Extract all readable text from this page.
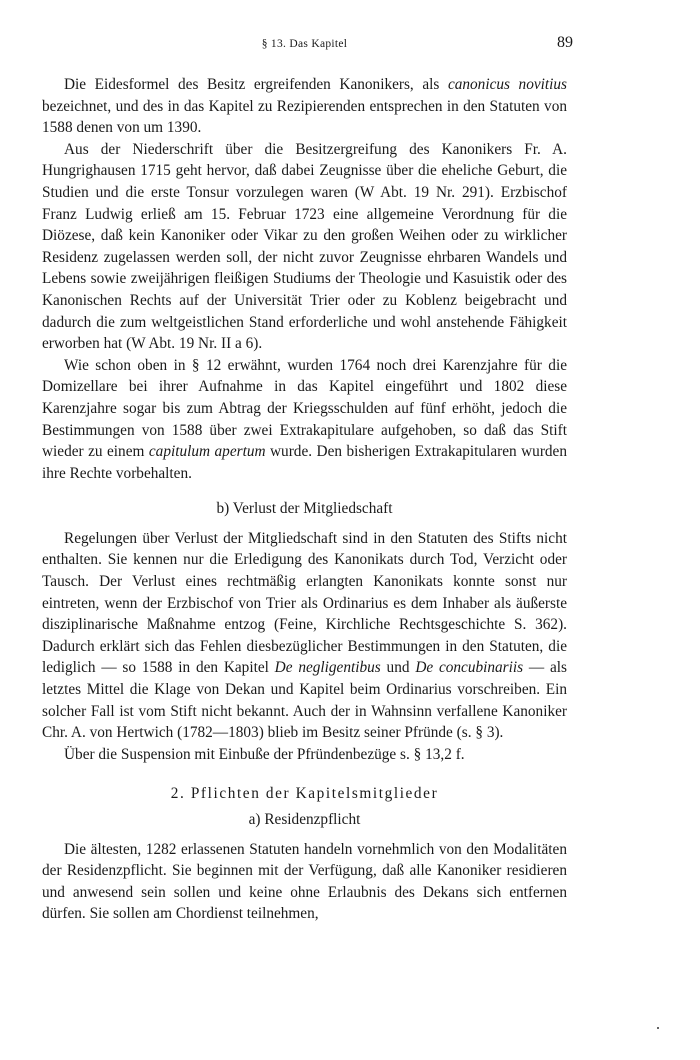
§ 13. Das Kapitel	89

Die Eidesformel des Besitz ergreifenden Kanonikers, als canonicus novitius bezeichnet, und des in das Kapitel zu Rezipierenden entsprechen in den Statuten von 1588 denen von um 1390.

Aus der Niederschrift über die Besitzergreifung des Kanonikers Fr. A. Hungrighausen 1715 geht hervor, daß dabei Zeugnisse über die eheliche Geburt, die Studien und die erste Tonsur vorzulegen waren (W Abt. 19 Nr. 291). Erzbischof Franz Ludwig erließ am 15. Februar 1723 eine allgemeine Verordnung für die Diözese, daß kein Kanoniker oder Vikar zu den großen Weihen oder zu wirklicher Residenz zugelassen werden soll, der nicht zuvor Zeugnisse ehrbaren Wandels und Lebens sowie zweijährigen fleißigen Studiums der Theologie und Kasuistik oder des Kanonischen Rechts auf der Universität Trier oder zu Koblenz beigebracht und dadurch die zum weltgeistlichen Stand erforderliche und wohl anstehende Fähigkeit erworben hat (W Abt. 19 Nr. II a 6).

Wie schon oben in § 12 erwähnt, wurden 1764 noch drei Karenzjahre für die Domizellare bei ihrer Aufnahme in das Kapitel eingeführt und 1802 diese Karenzjahre sogar bis zum Abtrag der Kriegsschulden auf fünf erhöht, jedoch die Bestimmungen von 1588 über zwei Extrakapitulare aufgehoben, so daß das Stift wieder zu einem capitulum apertum wurde. Den bisherigen Extrakapitularen wurden ihre Rechte vorbehalten.

b) Verlust der Mitgliedschaft

Regelungen über Verlust der Mitgliedschaft sind in den Statuten des Stifts nicht enthalten. Sie kennen nur die Erledigung des Kanonikats durch Tod, Verzicht oder Tausch. Der Verlust eines rechtmäßig erlangten Kanonikats konnte sonst nur eintreten, wenn der Erzbischof von Trier als Ordinarius es dem Inhaber als äußerste disziplinarische Maßnahme entzog (Feine, Kirchliche Rechtsgeschichte S. 362). Dadurch erklärt sich das Fehlen diesbezüglicher Bestimmungen in den Statuten, die lediglich — so 1588 in den Kapitel De negligentibus und De concubinariis — als letztes Mittel die Klage von Dekan und Kapitel beim Ordinarius vorschreiben. Ein solcher Fall ist vom Stift nicht bekannt. Auch der in Wahnsinn verfallene Kanoniker Chr. A. von Hertwich (1782—1803) blieb im Besitz seiner Pfründe (s. § 3).

Über die Suspension mit Einbuße der Pfründenbezüge s. § 13,2 f.

2. Pflichten der Kapitelsmitglieder
a) Residenzpflicht

Die ältesten, 1282 erlassenen Statuten handeln vornehmlich von den Modalitäten der Residenzpflicht. Sie beginnen mit der Verfügung, daß alle Kanoniker residieren und anwesend sein sollen und keine ohne Erlaubnis des Dekans sich entfernen dürfen. Sie sollen am Chordienst teilnehmen,
